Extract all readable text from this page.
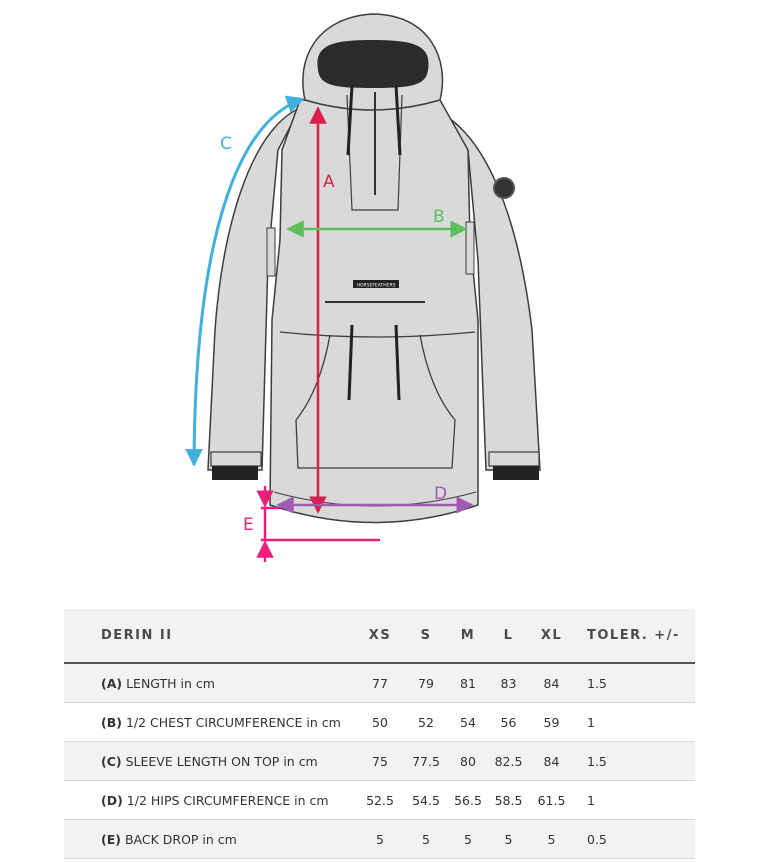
HORSEFEATHERS
A
B
C
D
E
DERIN II	XS	S	M	L	XL	TOLER. +/-
(A) LENGTH in cm	77	79	81	83	84	1.5
(B) 1/2 CHEST CIRCUMFERENCE in cm	50	52	54	56	59	1
(C) SLEEVE LENGTH ON TOP in cm	75	77.5	80	82.5	84	1.5
(D) 1/2 HIPS CIRCUMFERENCE in cm	52.5	54.5	56.5	58.5	61.5	1
(E) BACK DROP in cm	5	5	5	5	5	0.5
